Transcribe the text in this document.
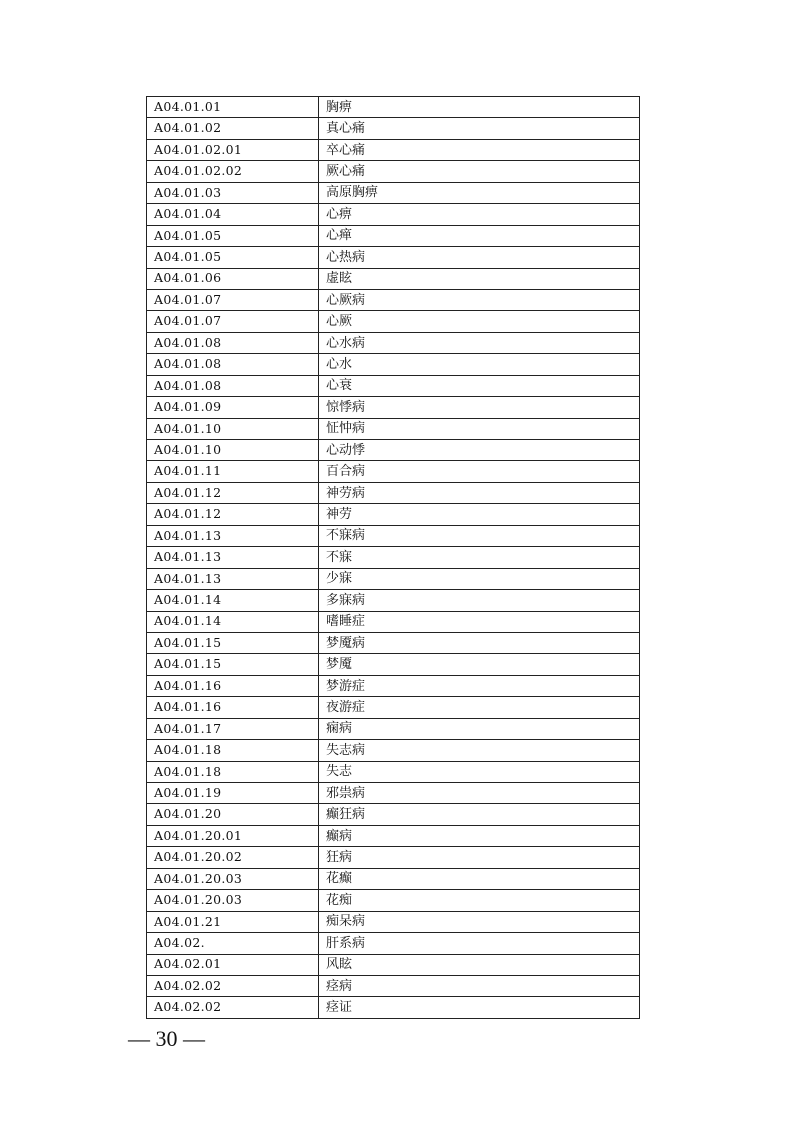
A04.01.01	胸痹
A04.01.02	真心痛
A04.01.02.01	卒心痛
A04.01.02.02	厥心痛
A04.01.03	高原胸痹
A04.01.04	心痹
A04.01.05	心瘅
A04.01.05	心热病
A04.01.06	虚眩
A04.01.07	心厥病
A04.01.07	心厥
A04.01.08	心水病
A04.01.08	心水
A04.01.08	心衰
A04.01.09	惊悸病
A04.01.10	怔忡病
A04.01.10	心动悸
A04.01.11	百合病
A04.01.12	神劳病
A04.01.12	神劳
A04.01.13	不寐病
A04.01.13	不寐
A04.01.13	少寐
A04.01.14	多寐病
A04.01.14	嗜睡症
A04.01.15	梦魇病
A04.01.15	梦魇
A04.01.16	梦游症
A04.01.16	夜游症
A04.01.17	痫病
A04.01.18	失志病
A04.01.18	失志
A04.01.19	邪祟病
A04.01.20	癫狂病
A04.01.20.01	癫病
A04.01.20.02	狂病
A04.01.20.03	花癫
A04.01.20.03	花痴
A04.01.21	痴呆病
A04.02.	肝系病
A04.02.01	风眩
A04.02.02	痉病
A04.02.02	痉证
— 30 —
